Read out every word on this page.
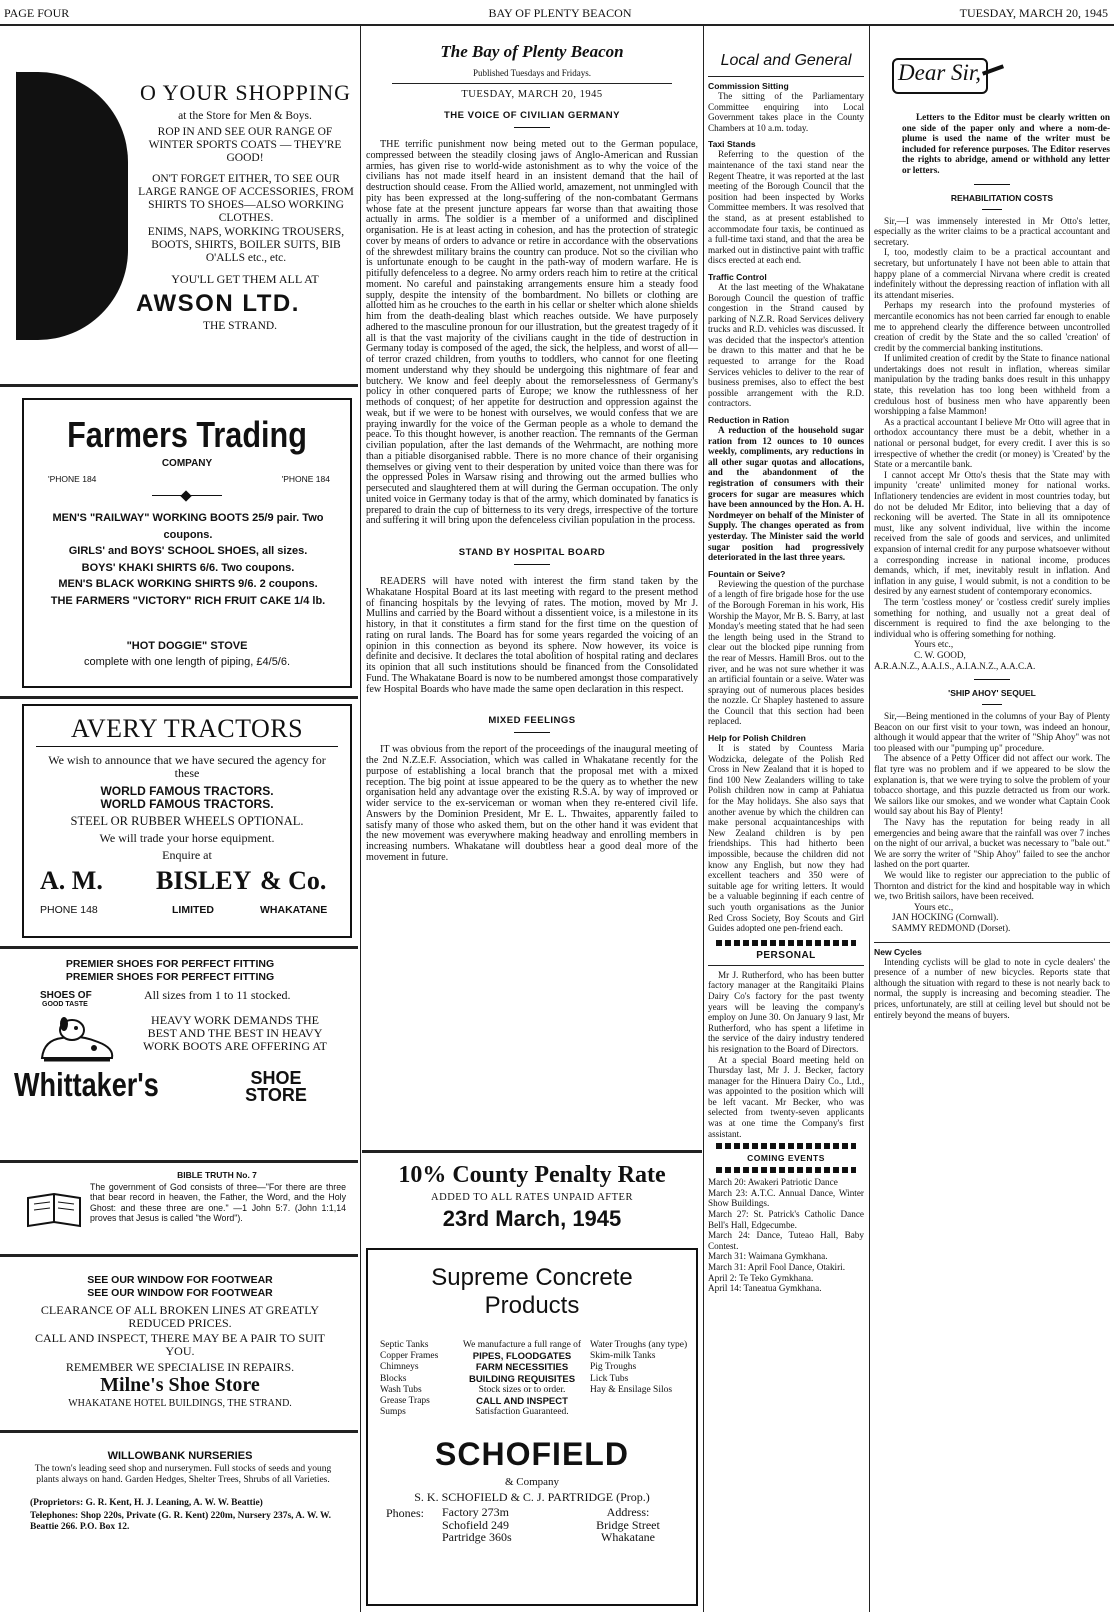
PAGE FOUR	BAY OF PLENTY BEACON	TUESDAY, MARCH 20, 1945
D
O YOUR SHOPPING
at the Store for Men & Boys.
ROP IN AND SEE OUR RANGE OF WINTER SPORTS COATS — THEY'RE GOOD!
ON'T FORGET EITHER, TO SEE OUR LARGE RANGE OF ACCESSORIES, FROM SHIRTS TO SHOES—ALSO WORKING CLOTHES.
ENIMS, NAPS, WORKING TROUSERS, BOOTS, SHIRTS, BOILER SUITS, BIB O'ALLS etc., etc.
YOU'LL GET THEM ALL AT
AWSON LTD.
THE STRAND.
Farmers Trading
COMPANY
'PHONE 184	'PHONE 184
MEN'S "RAILWAY" WORKING BOOTS 25/9 pair. Two coupons.
GIRLS' and BOYS' SCHOOL SHOES, all sizes.
BOYS' KHAKI SHIRTS 6/6. Two coupons.
MEN'S BLACK WORKING SHIRTS 9/6. 2 coupons.
THE FARMERS "VICTORY" RICH FRUIT CAKE 1/4 lb.
"HOT DOGGIE" STOVE
complete with one length of piping, £4/5/6.
AVERY TRACTORS
We wish to announce that we have secured the agency for these
WORLD FAMOUS TRACTORS.
WORLD FAMOUS TRACTORS.
STEEL OR RUBBER WHEELS OPTIONAL.
We will trade your horse equipment.
Enquire at
A. M. BISLEY & Co.
PHONE 148	LIMITED	WHAKATANE
PREMIER SHOES FOR PERFECT FITTING
PREMIER SHOES FOR PERFECT FITTING
SHOES OF
GOOD TASTE
All sizes from 1 to 11 stocked.
HEAVY WORK DEMANDS THE BEST AND THE BEST IN HEAVY WORK BOOTS ARE OFFERING AT
Whittaker's	SHOE
STORE
BIBLE TRUTH No. 7
The government of God consists of three—"For there are three that bear record in heaven, the Father, the Word, and the Holy Ghost: and these three are one." —1 John 5:7. (John 1:1,14 proves that Jesus is called "the Word").
SEE OUR WINDOW FOR FOOTWEAR
SEE OUR WINDOW FOR FOOTWEAR
CLEARANCE OF ALL BROKEN LINES AT GREATLY REDUCED PRICES.
CALL AND INSPECT, THERE MAY BE A PAIR TO SUIT YOU.
REMEMBER WE SPECIALISE IN REPAIRS.
Milne's Shoe Store
WHAKATANE HOTEL BUILDINGS, THE STRAND.
WILLOWBANK NURSERIES
The town's leading seed shop and nurserymen. Full stocks of seeds and young plants always on hand. Garden Hedges, Shelter Trees, Shrubs of all Varieties.
(Proprietors: G. R. Kent, H. J. Leaning, A. W. W. Beattie)
Telephones: Shop 220s, Private (G. R. Kent) 220m, Nursery 237s, A. W. W. Beattie 266. P.O. Box 12.
The Bay of Plenty Beacon
Published Tuesdays and Fridays.
TUESDAY, MARCH 20, 1945
THE VOICE OF CIVILIAN GERMANY
THE terrific punishment now being meted out to the German populace, compressed between the steadily closing jaws of Anglo-American and Russian armies, has given rise to world-wide astonishment as to why the voice of the civilians has not made itself heard in an insistent demand that the hail of destruction should cease. From the Allied world, amazement, not unmingled with pity has been expressed at the long-suffering of the non-combatant Germans whose fate at the present juncture appears far worse than that awaiting those actually in arms. The soldier is a member of a uniformed and disciplined organisation. He is at least acting in cohesion, and has the protection of strategic cover by means of orders to advance or retire in accordance with the observations of the shrewdest military brains the country can produce. Not so the civilian who is unfortunate enough to be caught in the path-way of modern warfare. He is pitifully defenceless to a degree. No army orders reach him to retire at the critical moment. No careful and painstaking arrangements ensure him a steady food supply, despite the intensity of the bombardment. No billets or clothing are allotted him as he crouches to the earth in his cellar or shelter which alone shields him from the death-dealing blast which reaches outside. We have purposely adhered to the masculine pronoun for our illustration, but the greatest tragedy of it all is that the vast majority of the civilians caught in the tide of destruction in Germany today is composed of the aged, the sick, the helpless, and worst of all—of terror crazed children, from youths to toddlers, who cannot for one fleeting moment understand why they should be undergoing this nightmare of fear and butchery. We know and feel deeply about the remorselessness of Germany's policy in other conquered parts of Europe; we know the ruthlessness of her methods of conquest; of her appetite for destruction and oppression against the weak, but if we were to be honest with ourselves, we would confess that we are praying inwardly for the voice of the German people as a whole to demand the peace. To this thought however, is another reaction. The remnants of the German civilian population, after the last demands of the Wehrmacht, are nothing more than a pitiable disorganised rabble. There is no more chance of their organising themselves or giving vent to their desperation by united voice than there was for the oppressed Poles in Warsaw rising and throwing out the armed bullies who persecuted and slaughtered them at will during the German occupation. The only united voice in Germany today is that of the army, which dominated by fanatics is prepared to drain the cup of bitterness to its very dregs, irrespective of the torture and suffering it will bring upon the defenceless civilian population in the process.
STAND BY HOSPITAL BOARD
READERS will have noted with interest the firm stand taken by the Whakatane Hospital Board at its last meeting with regard to the present method of financing hospitals by the levying of rates. The motion, moved by Mr J. Mullins and carried by the Board without a dissentient voice, is a milestone in its history, in that it constitutes a firm stand for the first time on the question of rating on rural lands. The Board has for some years regarded the voicing of an opinion in this connection as beyond its sphere. Now however, its voice is definite and decisive. It declares the total abolition of hospital rating and declares its opinion that all such institutions should be financed from the Consolidated Fund. The Whakatane Board is now to be numbered amongst those comparatively few Hospital Boards who have made the same open declaration in this respect.
MIXED FEELINGS
IT was obvious from the report of the proceedings of the inaugural meeting of the 2nd N.Z.E.F. Association, which was called in Whakatane recently for the purpose of establishing a local branch that the proposal met with a mixed reception. The big point at issue appeared to be the query as to whether the new organisation held any advantage over the existing R.S.A. by way of improved or wider service to the ex-serviceman or woman when they re-entered civil life. Answers by the Dominion President, Mr E. L. Thwaites, apparently failed to satisfy many of those who asked them, but on the other hand it was evident that the new movement was everywhere making headway and enrolling members in increasing numbers. Whakatane will doubtless hear a good deal more of the movement in future.
10% County Penalty Rate
ADDED TO ALL RATES UNPAID AFTER
23rd March, 1945
Supreme Concrete
Products
Septic Tanks
Copper Frames
Chimneys
Blocks
Wash Tubs
Grease Traps
Sumps
We manufacture a full range of
PIPES, FLOODGATES
FARM NECESSITIES
BUILDING REQUISITES
Stock sizes or to order.
CALL AND INSPECT
Satisfaction Guaranteed.
Water Troughs (any type)
Skim-milk Tanks
Pig Troughs
Lick Tubs
Hay & Ensilage Silos
SCHOFIELD
& Company
S. K. SCHOFIELD & C. J. PARTRIDGE (Prop.)
Phones: Factory 273m
Schofield 249
Partridge 360s
Address:
Bridge Street
Whakatane
Local and General
Commission Sitting
The sitting of the Parliamentary Committee enquiring into Local Government takes place in the County Chambers at 10 a.m. today.
Taxi Stands
Referring to the question of the maintenance of the taxi stand near the Regent Theatre, it was reported at the last meeting of the Borough Council that the position had been inspected by Works Committee members. It was resolved that the stand, as at present established to accommodate four taxis, be continued as a full-time taxi stand, and that the area be marked out in distinctive paint with traffic discs erected at each end.
Traffic Control
At the last meeting of the Whakatane Borough Council the question of traffic congestion in the Strand caused by parking of N.Z.R. Road Services delivery trucks and R.D. vehicles was discussed. It was decided that the inspector's attention be drawn to this matter and that he be requested to arrange for the Road Services vehicles to deliver to the rear of business premises, also to effect the best possible arrangement with the R.D. contractors.
Reduction in Ration
A reduction of the household sugar ration from 12 ounces to 10 ounces weekly, compliments, ary reductions in all other sugar quotas and allocations, and the abandonment of the registration of consumers with their grocers for sugar are measures which have been announced by the Hon. A. H. Nordmeyer on behalf of the Minister of Supply. The changes operated as from yesterday. The Minister said the world sugar position had progressively deteriorated in the last three years.
Fountain or Seive?
Reviewing the question of the purchase of a length of fire brigade hose for the use of the Borough Foreman in his work, His Worship the Mayor, Mr B. S. Barry, at last Monday's meeting stated that he had seen the length being used in the Strand to clear out the blocked pipe running from the rear of Messrs. Hamill Bros. out to the river, and he was not sure whether it was an artificial fountain or a seive. Water was spraying out of numerous places besides the nozzle. Cr Shapley hastened to assure the Council that this section had been replaced.
Help for Polish Children
It is stated by Countess Maria Wodzicka, delegate of the Polish Red Cross in New Zealand that it is hoped to find 100 New Zealanders willing to take Polish children now in camp at Pahiatua for the May holidays. She also says that another avenue by which the children can make personal acquaintanceships with New Zealand children is by pen friendships. This had hitherto been impossible, because the children did not know any English, but now they had excellent teachers and 350 were of suitable age for writing letters. It would be a valuable beginning if each centre of such youth organisations as the Junior Red Cross Society, Boy Scouts and Girl Guides adopted one pen-friend each.
PERSONAL
Mr J. Rutherford, who has been butter factory manager at the Rangitaiki Plains Dairy Co's factory for the past twenty years will be leaving the company's employ on June 30. On January 9 last, Mr Rutherford, who has spent a lifetime in the service of the dairy industry tendered his resignation to the Board of Directors.
At a special Board meeting held on Thursday last, Mr J. J. Becker, factory manager for the Hinuera Dairy Co., Ltd., was appointed to the position which will be left vacant. Mr Becker, who was selected from twenty-seven applicants was at one time the Company's first assistant.
COMING EVENTS
March 20: Awakeri Patriotic Dance
March 23: A.T.C. Annual Dance, Winter Show Buildings.
March 27: St. Patrick's Catholic Dance Bell's Hall, Edgecumbe.
March 24: Dance, Tuteao Hall, Baby Contest.
March 31: Waimana Gymkhana.
March 31: April Fool Dance, Otakiri.
April 2: Te Teko Gymkhana.
April 14: Taneatua Gymkhana.
Dear Sir,
Letters to the Editor must be clearly written on one side of the paper only and where a nom-de-plume is used the name of the writer must be included for reference purposes. The Editor reserves the rights to abridge, amend or withhold any letter or letters.
REHABILITATION COSTS
Sir,—I was immensely interested in Mr Otto's letter, especially as the writer claims to be a practical accountant and secretary.
I, too, modestly claim to be a practical accountant and secretary, but unfortunately I have not been able to attain that happy plane of a commercial Nirvana where credit is created indefinitely without the depressing reaction of inflation with all its attendant miseries.
Perhaps my research into the profound mysteries of mercantile economics has not been carried far enough to enable me to apprehend clearly the difference between uncontrolled creation of credit by the State and the so called 'creation' of credit by the commercial banking institutions.
If unlimited creation of credit by the State to finance national undertakings does not result in inflation, whereas similar manipulation by the trading banks does result in this unhappy state, this revelation has too long been withheld from a credulous host of business men who have apparently been worshipping a false Mammon!
As a practical accountant I believe Mr Otto will agree that in orthodox accountancy there must be a debit, whether in a national or personal budget, for every credit. I aver this is so irrespective of whether the credit (or money) is 'Created' by the State or a mercantile bank.
I cannot accept Mr Otto's thesis that the State may with impunity 'create' unlimited money for national works. Inflationery tendencies are evident in most countries today, but do not be deluded Mr Editor, into believing that a day of reckoning will be averted. The State in all its omnipotence must, like any solvent individual, live within the income received from the sale of goods and services, and unlimited expansion of internal credit for any purpose whatsoever without a corresponding increase in national income, produces demands, which, if met, inevitably result in inflation. And inflation in any guise, I would submit, is not a condition to be desired by any earnest student of contemporary economics.
The term 'costless money' or 'costless credit' surely implies something for nothing, and usually not a great deal of discernment is required to find the axe belonging to the individual who is offering something for nothing.
Yours etc.,
C. W. GOOD,
A.R.A.N.Z., A.A.I.S., A.I.A.N.Z., A.A.C.A.
'SHIP AHOY' SEQUEL
Sir,—Being mentioned in the columns of your Bay of Plenty Beacon on our first visit to your town, was indeed an honour, although it would appear that the writer of "Ship Ahoy" was not too pleased with our "pumping up" procedure.
The absence of a Petty Officer did not affect our work. The flat tyre was no problem and if we appeared to be slow the explanation is, that we were trying to solve the problem of your tobacco shortage, and this puzzle detracted us from our work. We sailors like our smokes, and we wonder what Captain Cook would say about his Bay of Plenty!
The Navy has the reputation for being ready in all emergencies and being aware that the rainfall was over 7 inches on the night of our arrival, a bucket was necessary to "bale out." We are sorry the writer of "Ship Ahoy" failed to see the anchor lashed on the port quarter.
We would like to register our appreciation to the public of Thornton and district for the kind and hospitable way in which we, two British sailors, have been received.
Yours etc.,
JAN HOCKING (Cornwall).
SAMMY REDMOND (Dorset).
New Cycles
Intending cyclists will be glad to note in cycle dealers' the presence of a number of new bicycles. Reports state that although the situation with regard to these is not nearly back to normal, the supply is increasing and becoming steadier. The prices, unfortunately, are still at ceiling level but should not be entirely beyond the means of buyers.
